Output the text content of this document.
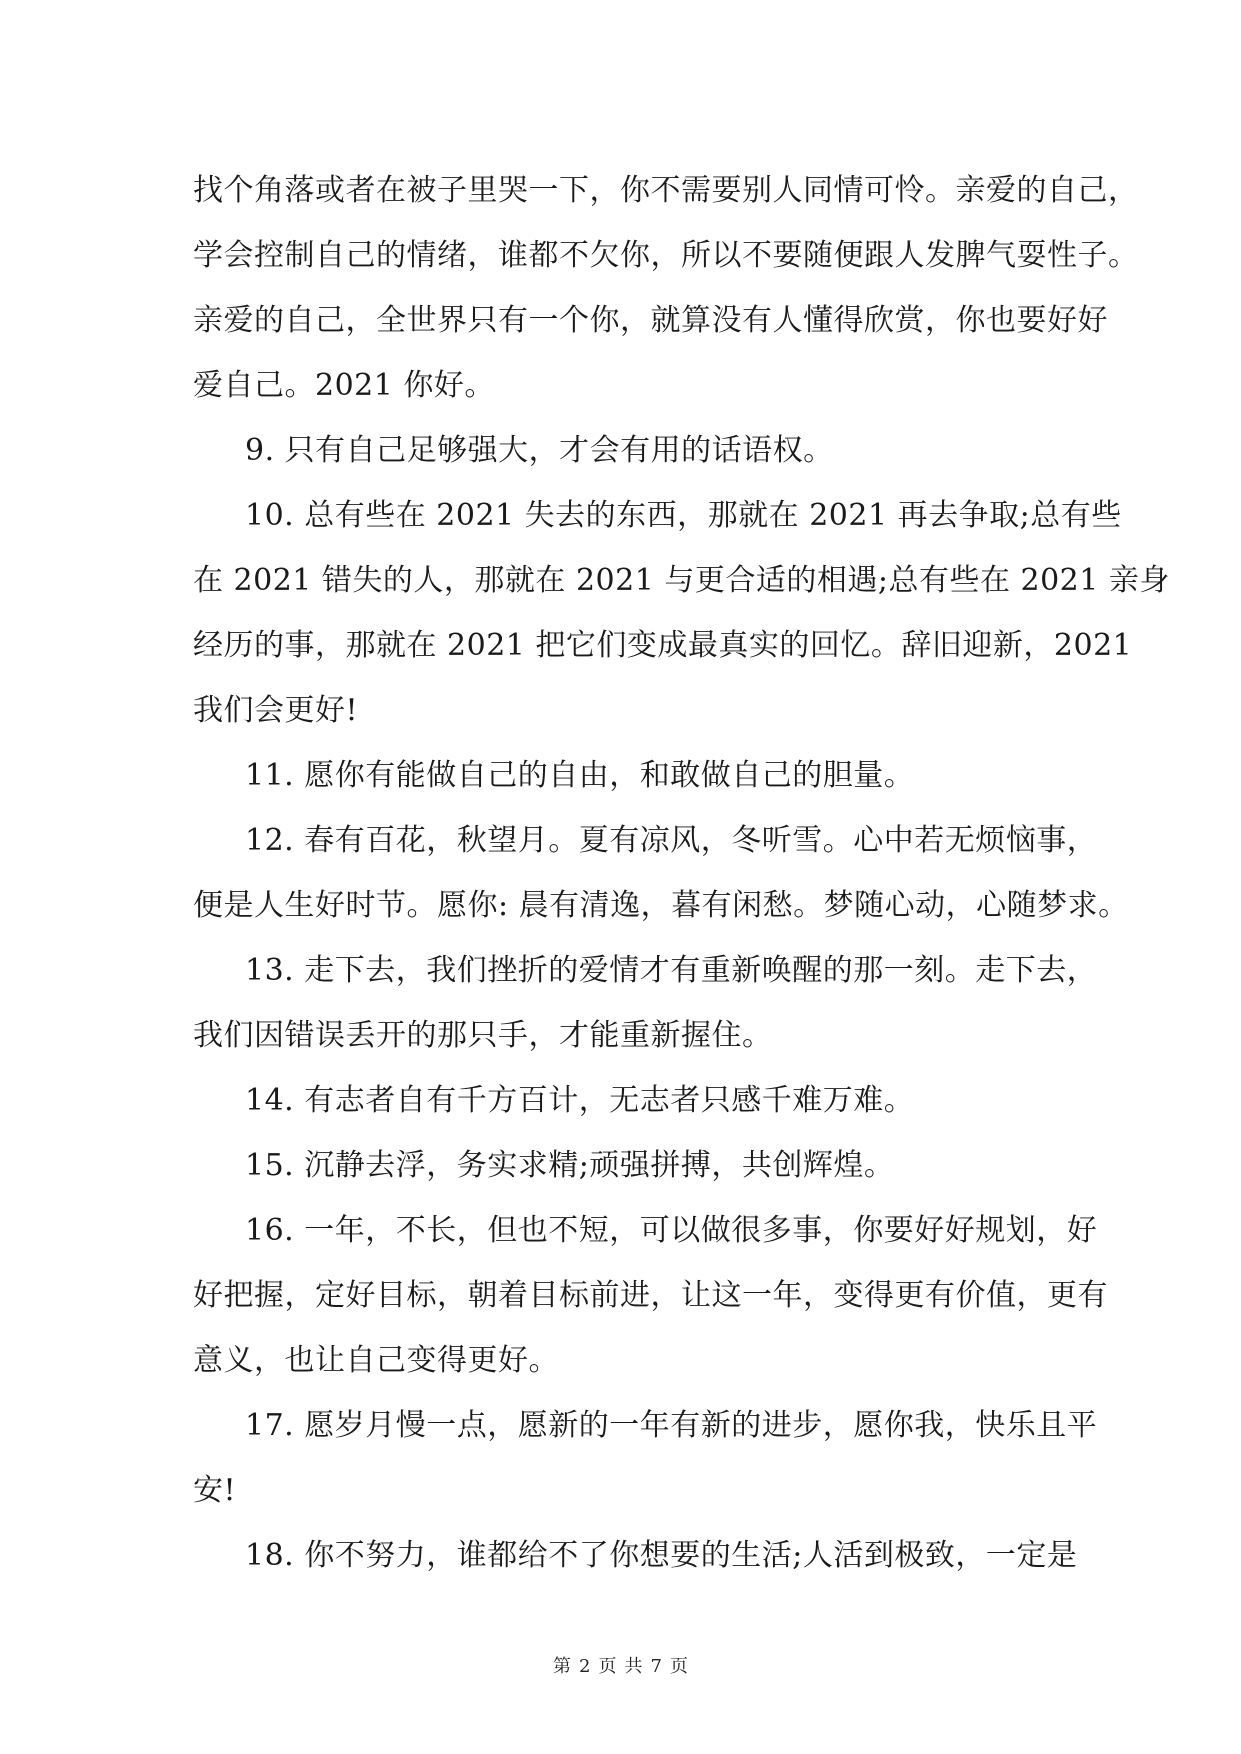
找个角落或者在被子里哭一下，你不需要别人同情可怜。亲爱的自己，
学会控制自己的情绪，谁都不欠你，所以不要随便跟人发脾气耍性子。
亲爱的自己，全世界只有一个你，就算没有人懂得欣赏，你也要好好
爱自己。2021 你好。
9. 只有自己足够强大，才会有用的话语权。
10. 总有些在 2021 失去的东西，那就在 2021 再去争取;总有些
在 2021 错失的人，那就在 2021 与更合适的相遇;总有些在 2021 亲身
经历的事，那就在 2021 把它们变成最真实的回忆。辞旧迎新，2021
我们会更好!
11. 愿你有能做自己的自由，和敢做自己的胆量。
12. 春有百花，秋望月。夏有凉风，冬听雪。心中若无烦恼事，
便是人生好时节。愿你: 晨有清逸，暮有闲愁。梦随心动，心随梦求。
13. 走下去，我们挫折的爱情才有重新唤醒的那一刻。走下去，
我们因错误丢开的那只手，才能重新握住。
14. 有志者自有千方百计，无志者只感千难万难。
15. 沉静去浮，务实求精;顽强拼搏，共创辉煌。
16. 一年，不长，但也不短，可以做很多事，你要好好规划，好
好把握，定好目标，朝着目标前进，让这一年，变得更有价值，更有
意义，也让自己变得更好。
17. 愿岁月慢一点，愿新的一年有新的进步，愿你我，快乐且平
安!
18. 你不努力，谁都给不了你想要的生活;人活到极致，一定是
第 2 页 共 7 页
